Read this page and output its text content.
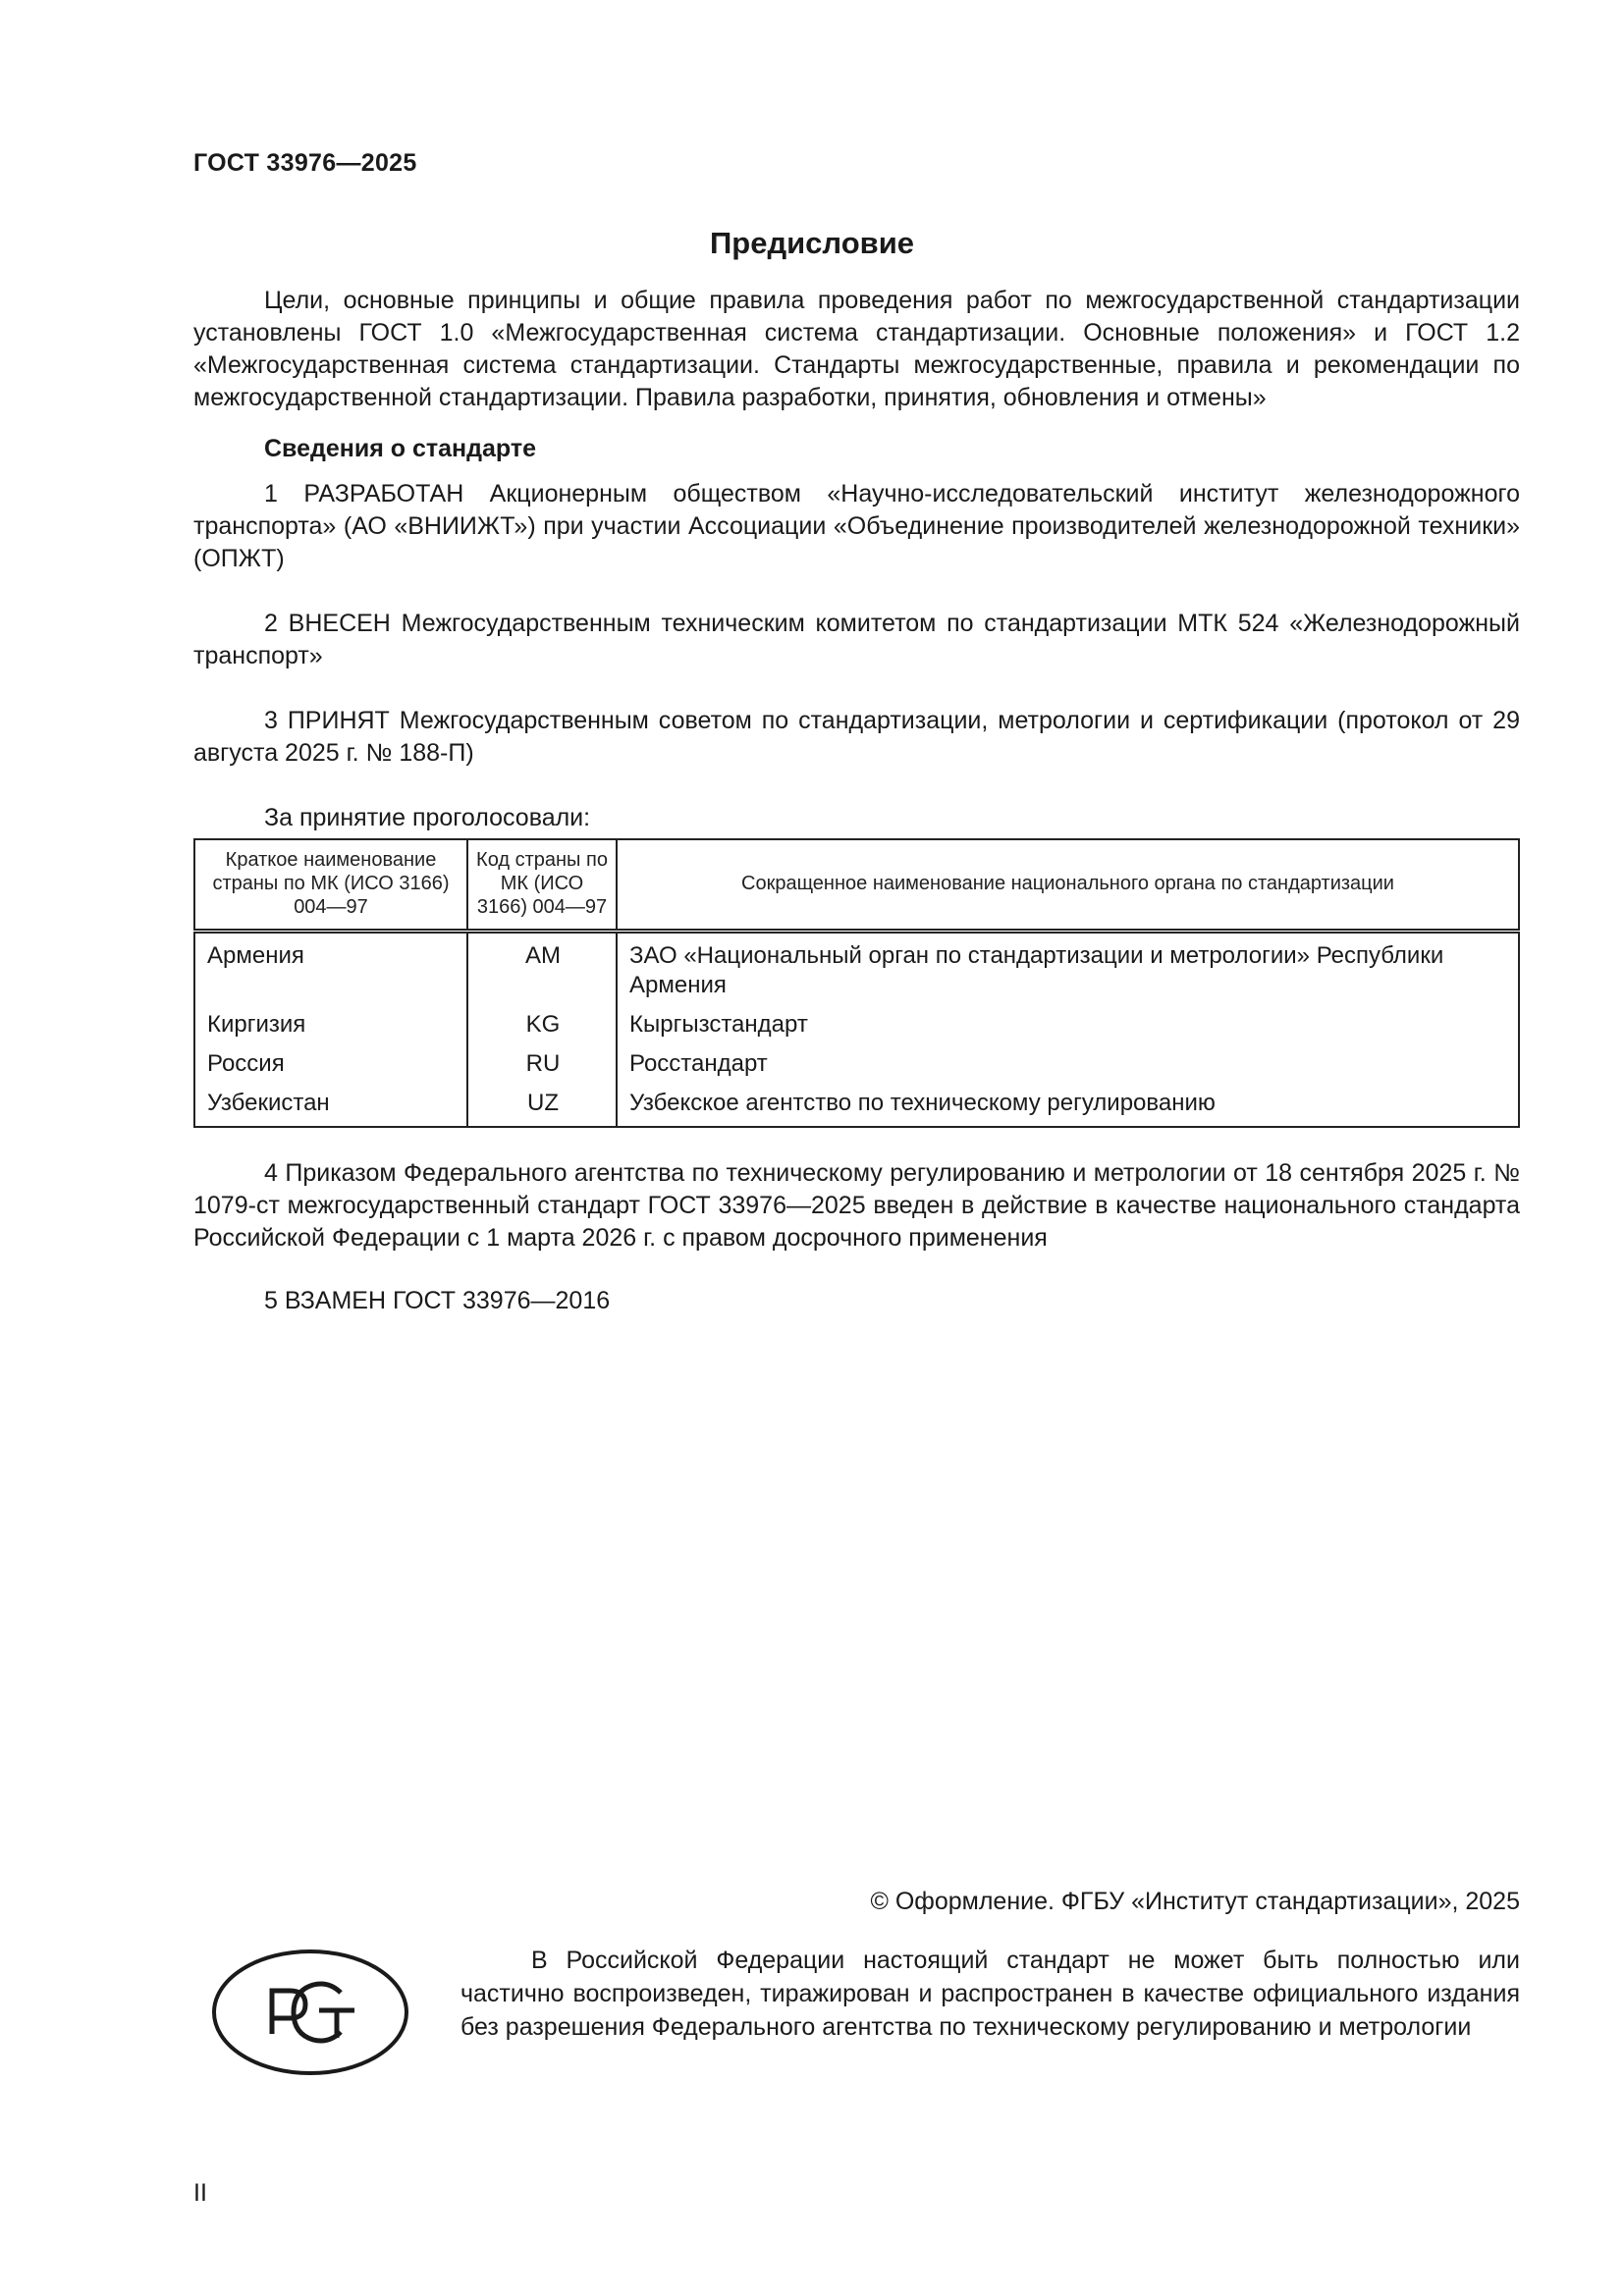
ГОСТ 33976—2025
Предисловие

Цели, основные принципы и общие правила проведения работ по межгосударственной стандартизации установлены ГОСТ 1.0 «Межгосударственная система стандартизации. Основные положения» и ГОСТ 1.2 «Межгосударственная система стандартизации. Стандарты межгосударственные, правила и рекомендации по межгосударственной стандартизации. Правила разработки, принятия, обновления и отмены»

Сведения о стандарте

1 РАЗРАБОТАН Акционерным обществом «Научно-исследовательский институт железнодорожного транспорта» (АО «ВНИИЖТ») при участии Ассоциации «Объединение производителей железнодорожной техники» (ОПЖТ)

2 ВНЕСЕН Межгосударственным техническим комитетом по стандартизации МТК 524 «Железнодорожный транспорт»

3 ПРИНЯТ Межгосударственным советом по стандартизации, метрологии и сертификации (протокол от 29 августа 2025 г. № 188-П)

За принятие проголосовали:

Краткое наименование страны по МК (ИСО 3166) 004—97	Код страны по МК (ИСО 3166) 004—97	Сокращенное наименование национального органа по стандартизации
Армения	AM	ЗАО «Национальный орган по стандартизации и метрологии» Республики Армения
Киргизия	KG	Кыргызстандарт
Россия	RU	Росстандарт
Узбекистан	UZ	Узбекское агентство по техническому регулированию

4 Приказом Федерального агентства по техническому регулированию и метрологии от 18 сентября 2025 г. № 1079-ст межгосударственный стандарт ГОСТ 33976—2025 введен в действие в качестве национального стандарта Российской Федерации с 1 марта 2026 г. с правом досрочного применения

5 ВЗАМЕН ГОСТ 33976—2016

© Оформление. ФГБУ «Институт стандартизации», 2025
В Российской Федерации настоящий стандарт не может быть полностью или частично воспроизведен, тиражирован и распространен в качестве официального издания без разрешения Федерального агентства по техническому регулированию и метрологии
II
